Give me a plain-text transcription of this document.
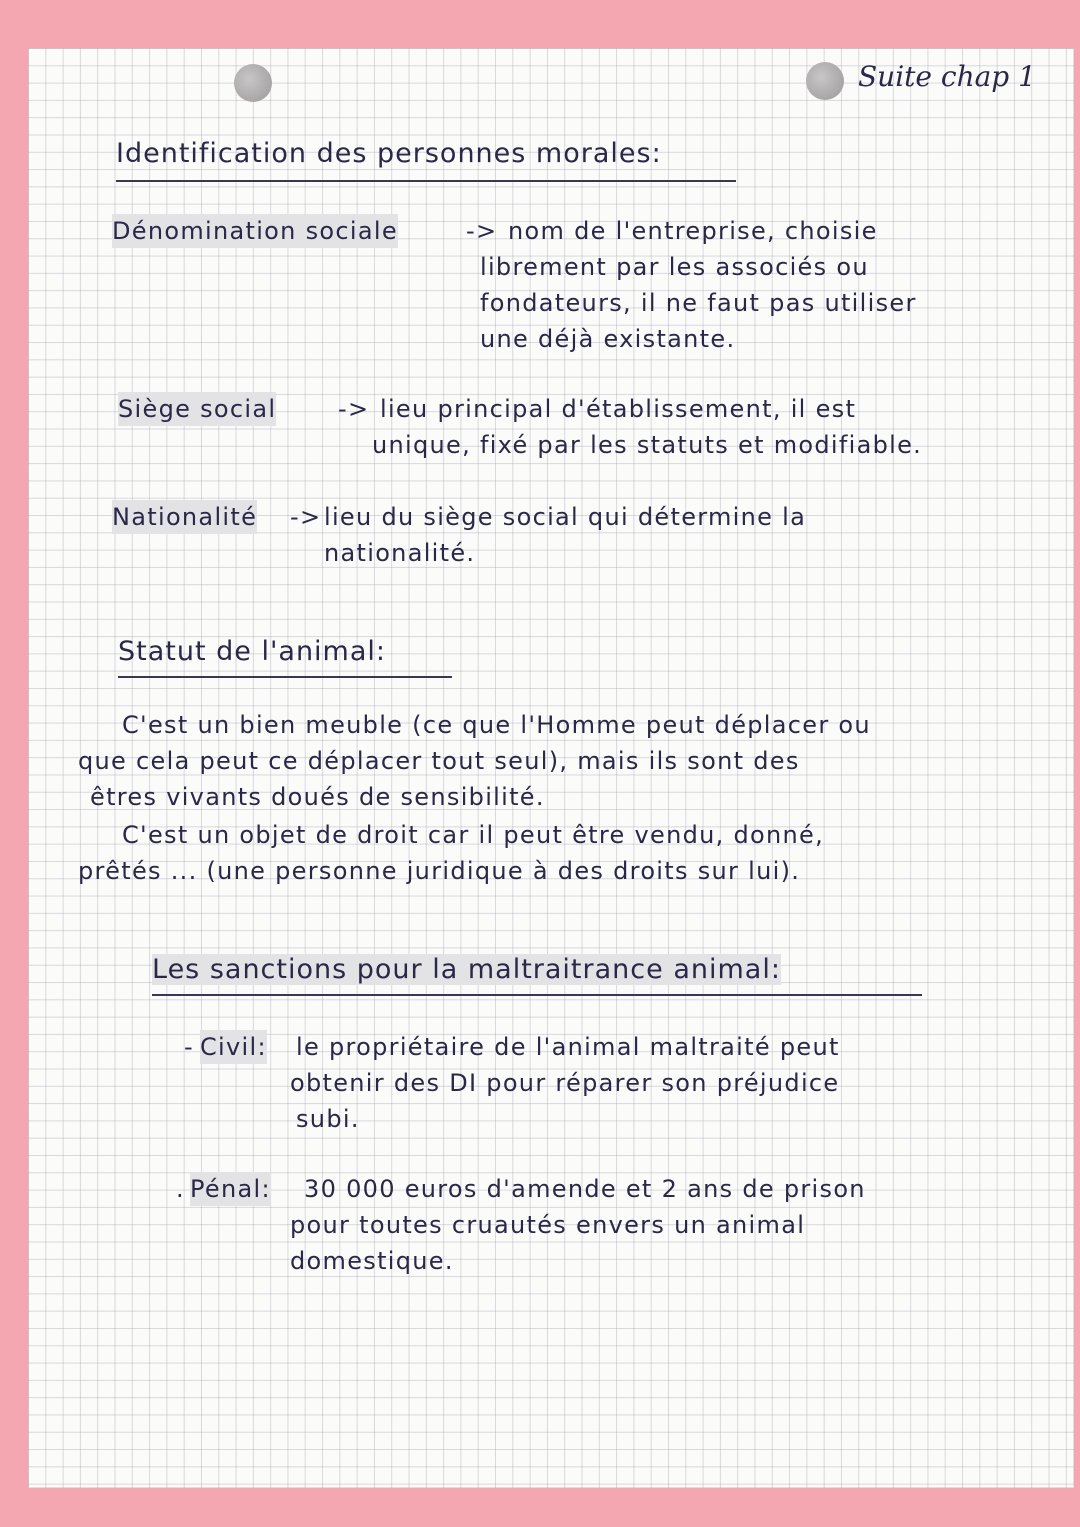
Suite chap 1
Identification des personnes morales:
Dénomination sociale	-> nom de l'entreprise, choisie
librement par les associés ou
fondateurs, il ne faut pas utiliser
une déjà existante.
Siège social	-> lieu principal d'établissement, il est
unique, fixé par les statuts et modifiable.
Nationalité -> lieu du siège social qui détermine la
nationalité.
Statut de l'animal:
C'est un bien meuble (ce que l'Homme peut déplacer ou
que cela peut ce déplacer tout seul), mais ils sont des
êtres vivants doués de sensibilité.
C'est un objet de droit car il peut être vendu, donné,
prêtés ... (une personne juridique à des droits sur lui).
Les sanctions pour la maltraitrance animal:
- Civil: le propriétaire de l'animal maltraité peut
obtenir des DI pour réparer son préjudice
subi.
. Pénal: 30 000 euros d'amende et 2 ans de prison
pour toutes cruautés envers un animal
domestique.
